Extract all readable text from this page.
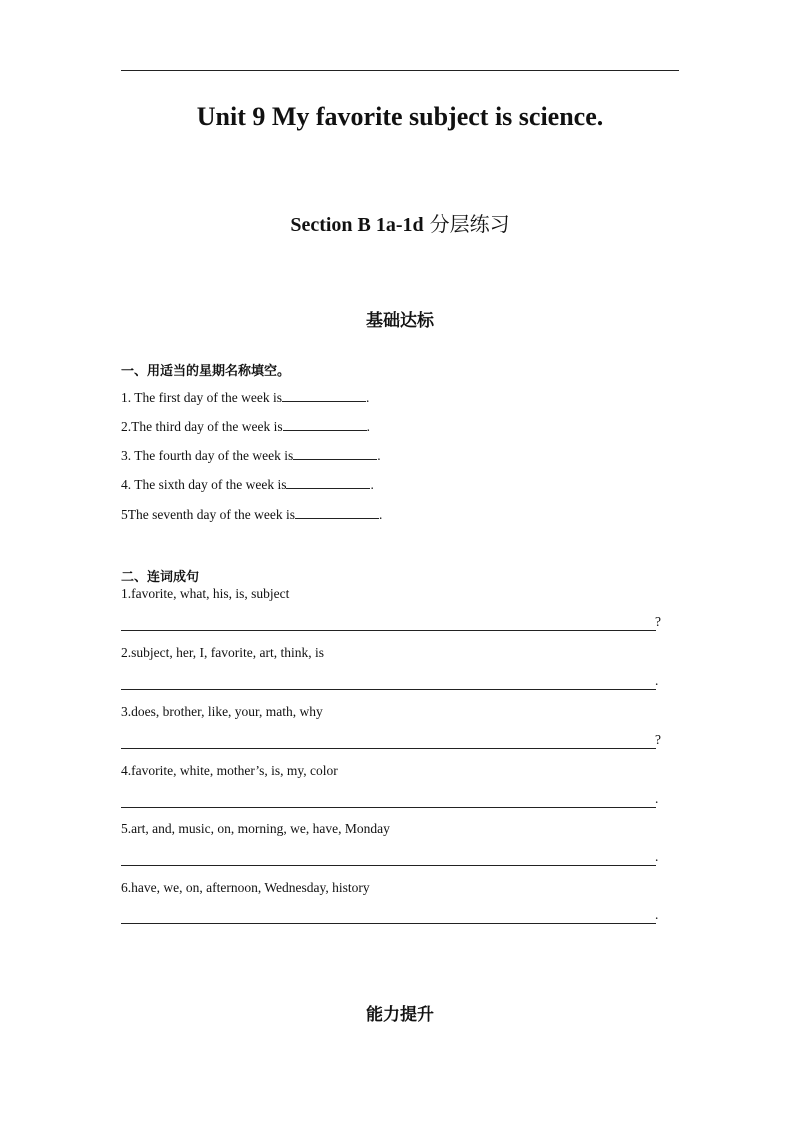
Unit 9 My favorite subject is science.
Section B 1a-1d 分层练习
基础达标
一、用适当的星期名称填空。
1. The first day of the week is	.
2.The third day of the week is	.
3. The fourth day of the week is	.
4. The sixth day of the week is	.
5The seventh day of the week is	.
二、连词成句
1.favorite, what, his, is, subject
?
2.subject, her, I, favorite, art, think, is
.
3.does, brother, like, your, math, why
?
4.favorite, white, mother’s, is, my, color
.
5.art, and, music, on, morning, we, have, Monday
.
6.have, we, on, afternoon, Wednesday, history
.
能力提升
